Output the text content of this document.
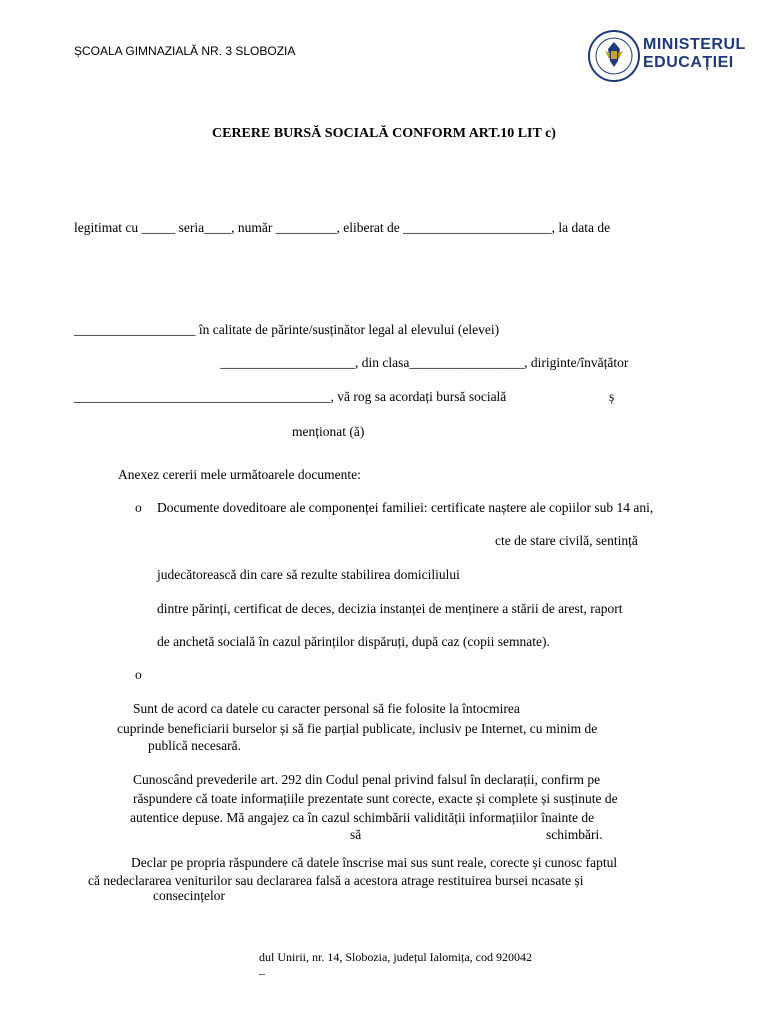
ȘCOALA GIMNAZIALĂ NR. 3 SLOBOZIA	MINISTERUL
EDUCAȚIEI
CERERE BURSĂ SOCIALĂ CONFORM ART.10 LIT c)
legitimat cu _____ seria____, număr _________, eliberat de ______________________, la data de
__________________ în calitate de părinte/susținător legal al elevului (elevei)
____________________, din clasa_________________, diriginte/învățător
______________________________________, vă rog sa acordați bursă socială	ș
menționat (ă)
Anexez cererii mele următoarele documente:
o Documente doveditoare ale componenței familiei: certificate naștere ale copiilor sub 14 ani,
cte de stare civilă, sentință
judecătorească din care să rezulte stabilirea domiciliului
dintre părinți, certificat de deces, decizia instanței de menținere a stării de arest, raport
de anchetă socială în cazul părinților dispăruți, după caz (copii semnate).
o
Sunt de acord ca datele cu caracter personal să fie folosite la întocmirea
cuprinde beneficiarii burselor și să fie parțial publicate, inclusiv pe Internet, cu minim de
publică necesară.
Cunoscând prevederile art. 292 din Codul penal privind falsul în declarații, confirm pe
răspundere că toate informațiile prezentate sunt corecte, exacte și complete și susținute de
autentice depuse. Mă angajez ca în cazul schimbării validității informațiilor înainte de
să	schimbări.
Declar pe propria răspundere că datele înscrise mai sus sunt reale, corecte și cunosc faptul
că nedeclararea veniturilor sau declararea falsă a acestora atrage restituirea bursei ncasate și
consecințelor
dul Unirii, nr. 14, Slobozia, județul Ialomița, cod 920042
–
